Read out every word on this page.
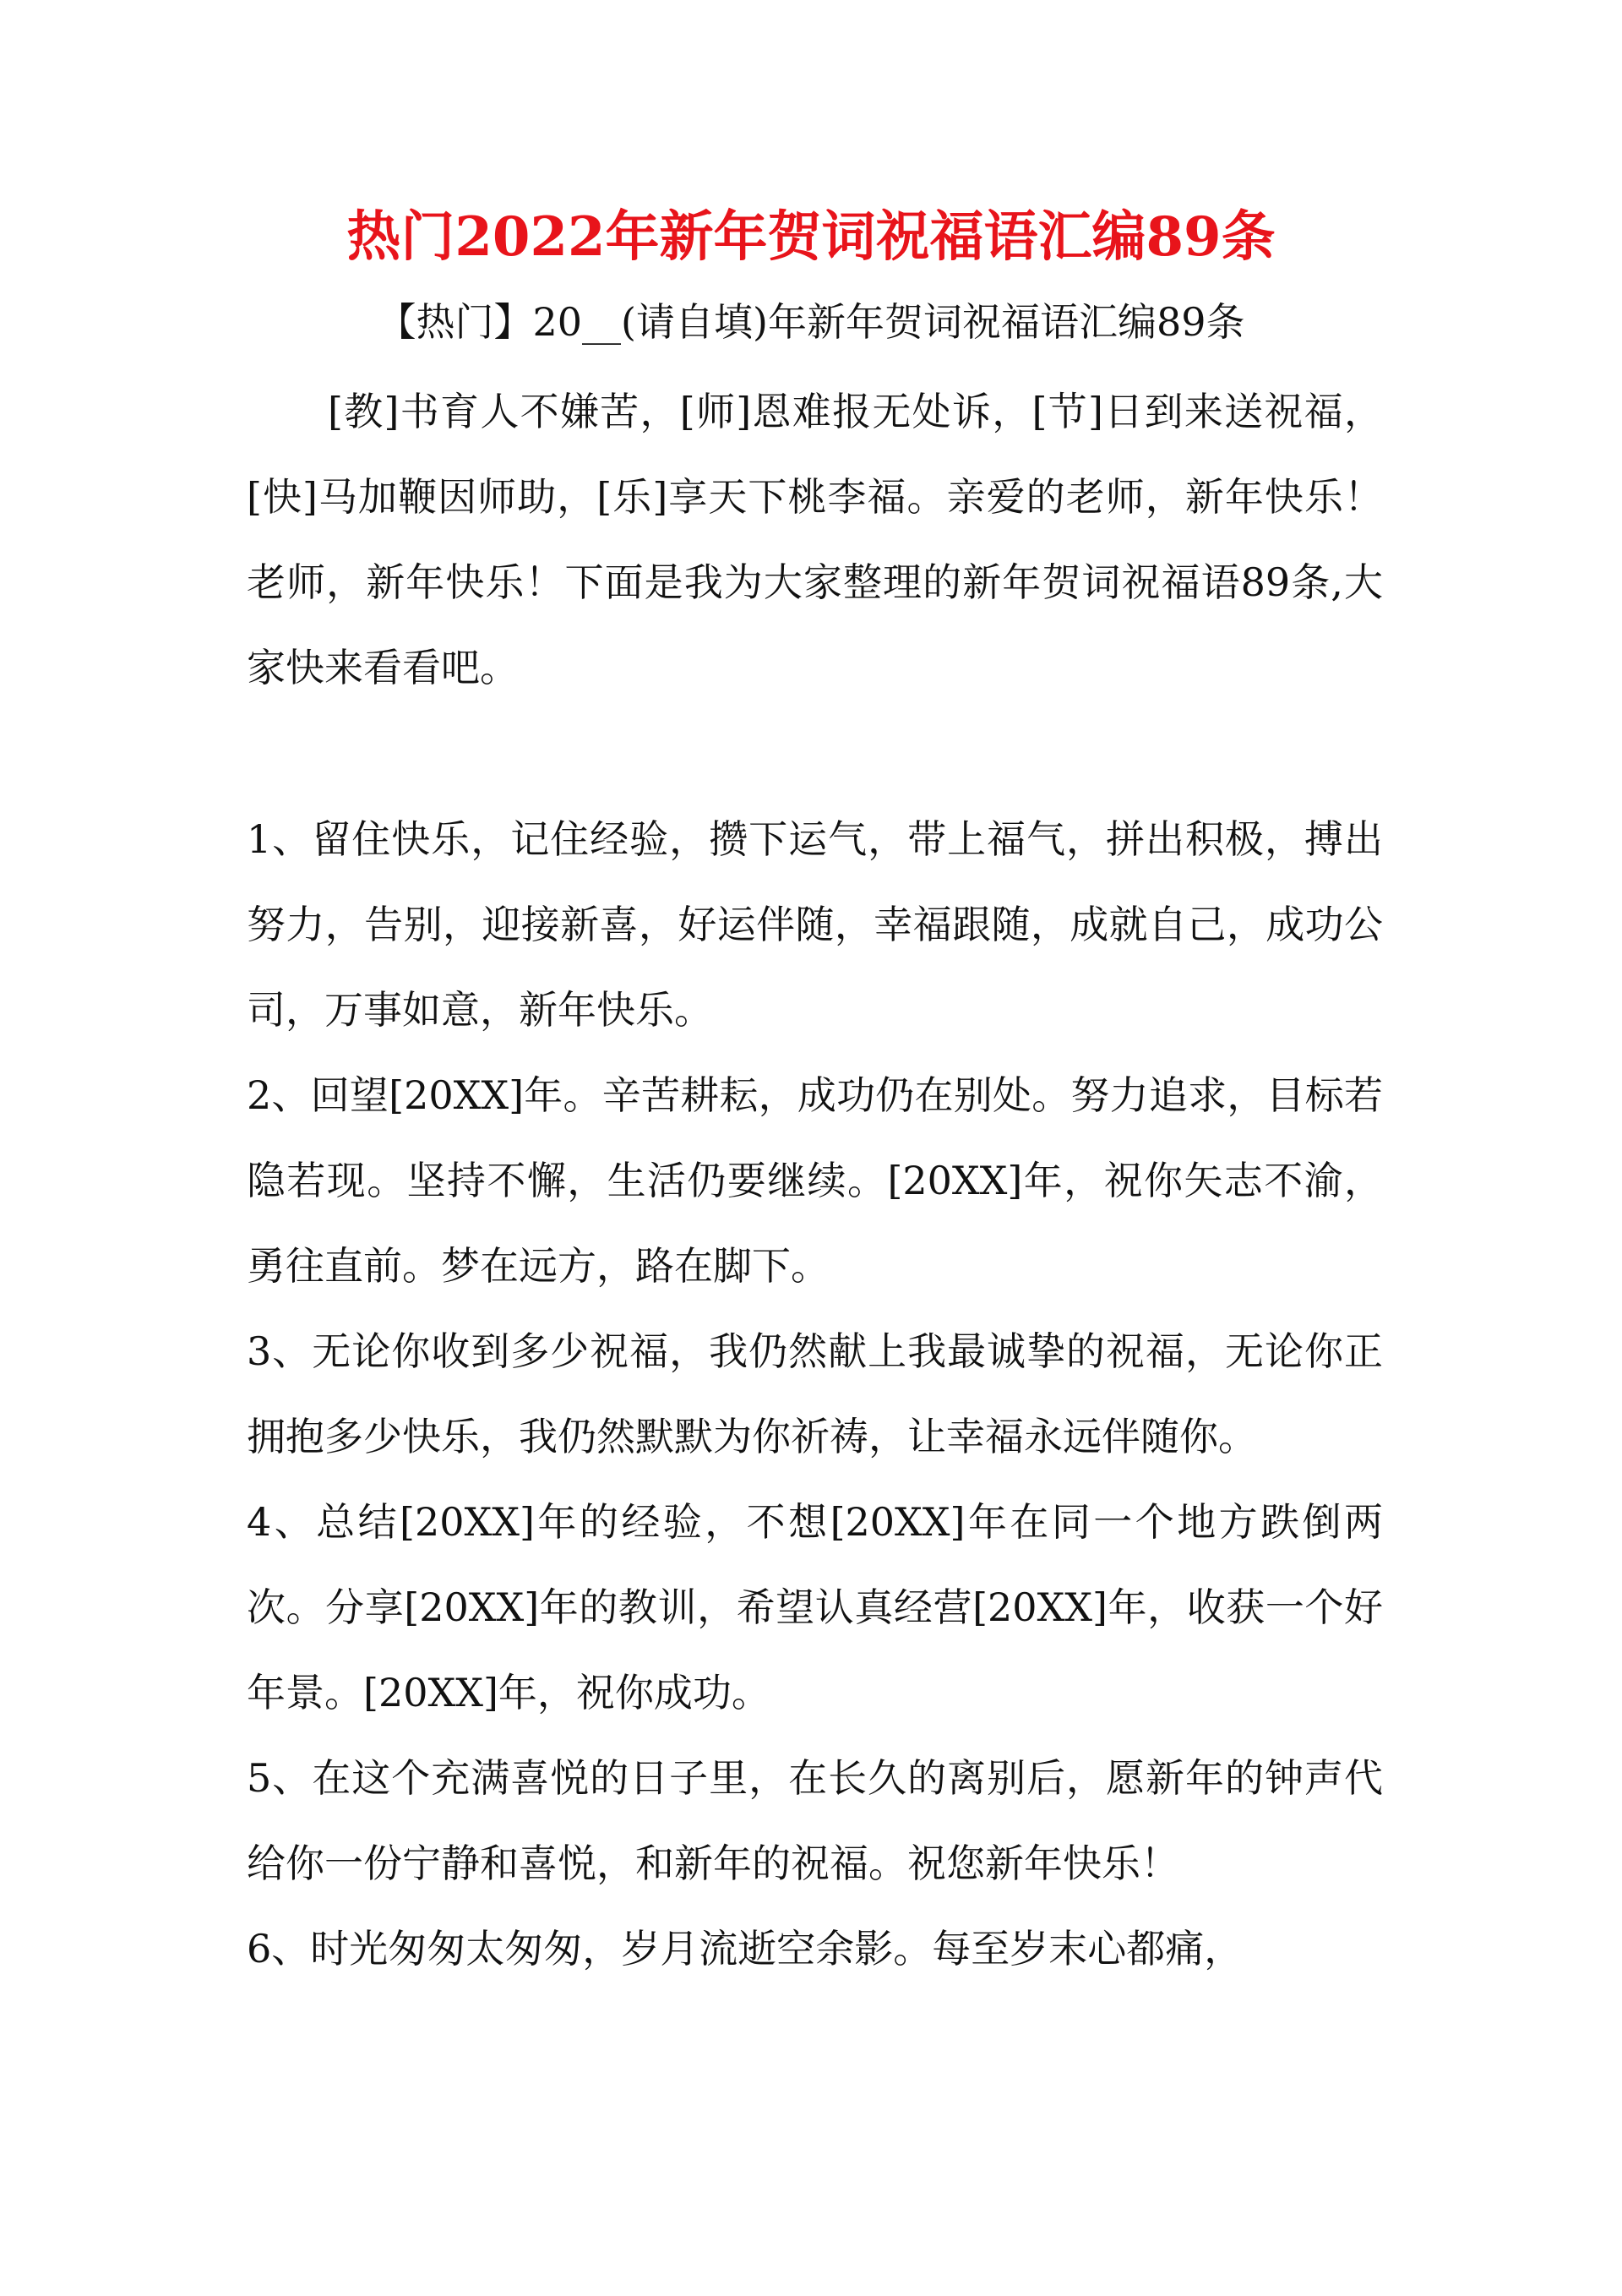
热门2022年新年贺词祝福语汇编89条
【热门】20__(请自填)年新年贺词祝福语汇编89条

[教]书育人不嫌苦，[师]恩难报无处诉，[节]日到来送祝福，[快]马加鞭因师助，[乐]享天下桃李福。亲爱的老师，新年快乐！ 老师，新年快乐！下面是我为大家整理的新年贺词祝福语89条,大家快来看看吧。

1、留住快乐，记住经验，攒下运气，带上福气，拼出积极，搏出努力，告别，迎接新喜，好运伴随，幸福跟随，成就自己，成功公司，万事如意，新年快乐。

2、回望[20XX]年。辛苦耕耘，成功仍在别处。努力追求，目标若隐若现。坚持不懈，生活仍要继续。[20XX]年，祝你矢志不渝，勇往直前。梦在远方，路在脚下。

3、无论你收到多少祝福，我仍然献上我最诚挚的祝福，无论你正拥抱多少快乐，我仍然默默为你祈祷，让幸福永远伴随你。

4、总结[20XX]年的经验，不想[20XX]年在同一个地方跌倒两次。分享[20XX]年的教训，希望认真经营[20XX]年，收获一个好年景。[20XX]年，祝你成功。

5、在这个充满喜悦的日子里，在长久的离别后，愿新年的钟声代给你一份宁静和喜悦，和新年的祝福。祝您新年快乐！

6、时光匆匆太匆匆，岁月流逝空余影。每至岁末心都痛，
